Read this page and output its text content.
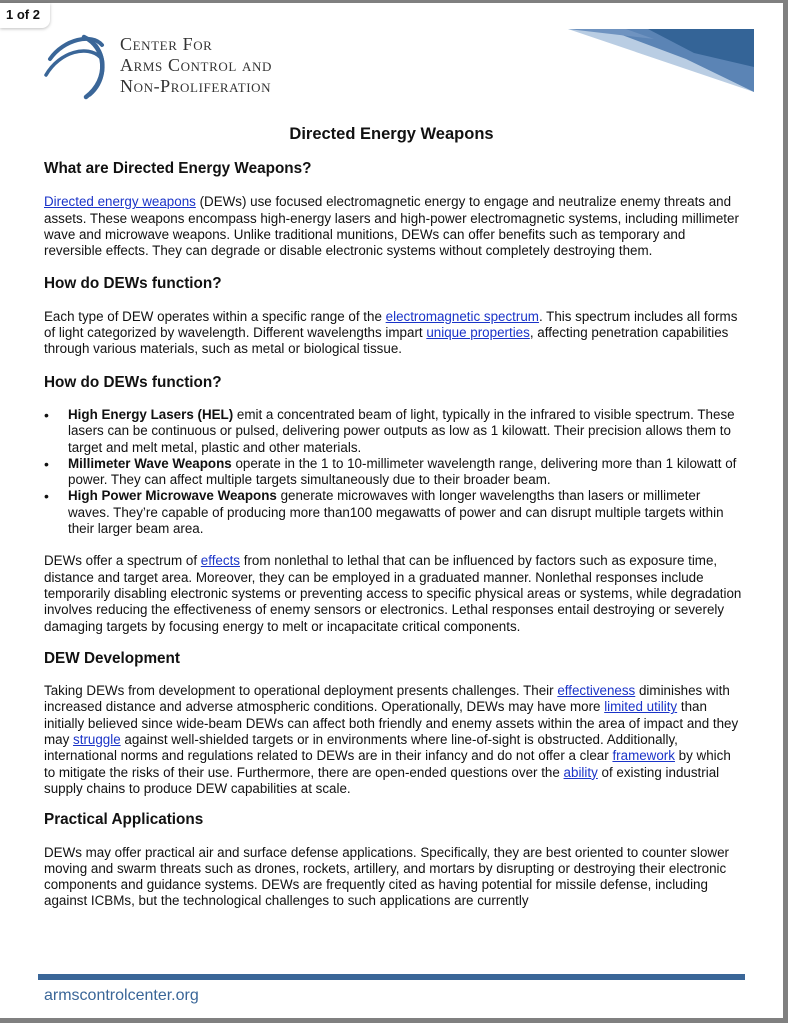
Center For
Arms Control and
Non-Proliferation
Directed Energy Weapons
What are Directed Energy Weapons?

Directed energy weapons (DEWs) use focused electromagnetic energy to engage and neutralize enemy threats and assets. These weapons encompass high-energy lasers and high-power electromagnetic systems, including millimeter wave and microwave weapons. Unlike traditional munitions, DEWs can offer benefits such as temporary and reversible effects. They can degrade or disable electronic systems without completely destroying them.

How do DEWs function?

Each type of DEW operates within a specific range of the electromagnetic spectrum. This spectrum includes all forms of light categorized by wavelength. Different wavelengths impart unique properties, affecting penetration capabilities through various materials, such as metal or biological tissue.

How do DEWs function?
• High Energy Lasers (HEL) emit a concentrated beam of light, typically in the infrared to visible spectrum. These lasers can be continuous or pulsed, delivering power outputs as low as 1 kilowatt. Their precision allows them to target and melt metal, plastic and other materials.
• Millimeter Wave Weapons operate in the 1 to 10-millimeter wavelength range, delivering more than 1 kilowatt of power. They can affect multiple targets simultaneously due to their broader beam.
• High Power Microwave Weapons generate microwaves with longer wavelengths than lasers or millimeter waves. They’re capable of producing more than100 megawatts of power and can disrupt multiple targets within their larger beam area.

DEWs offer a spectrum of effects from nonlethal to lethal that can be influenced by factors such as exposure time, distance and target area. Moreover, they can be employed in a graduated manner. Nonlethal responses include temporarily disabling electronic systems or preventing access to specific physical areas or systems, while degradation involves reducing the effectiveness of enemy sensors or electronics. Lethal responses entail destroying or severely damaging targets by focusing energy to melt or incapacitate critical components.

DEW Development

Taking DEWs from development to operational deployment presents challenges. Their effectiveness diminishes with increased distance and adverse atmospheric conditions. Operationally, DEWs may have more limited utility than initially believed since wide-beam DEWs can affect both friendly and enemy assets within the area of impact and they may struggle against well-shielded targets or in environments where line-of-sight is obstructed. Additionally, international norms and regulations related to DEWs are in their infancy and do not offer a clear framework by which to mitigate the risks of their use. Furthermore, there are open-ended questions over the ability of existing industrial supply chains to produce DEW capabilities at scale.

Practical Applications

DEWs may offer practical air and surface defense applications. Specifically, they are best oriented to counter slower moving and swarm threats such as drones, rockets, artillery, and mortars by disrupting or destroying their electronic components and guidance systems. DEWs are frequently cited as having potential for missile defense, including against ICBMs, but the technological challenges to such applications are currently

armscontrolcenter.org
1 of 2
